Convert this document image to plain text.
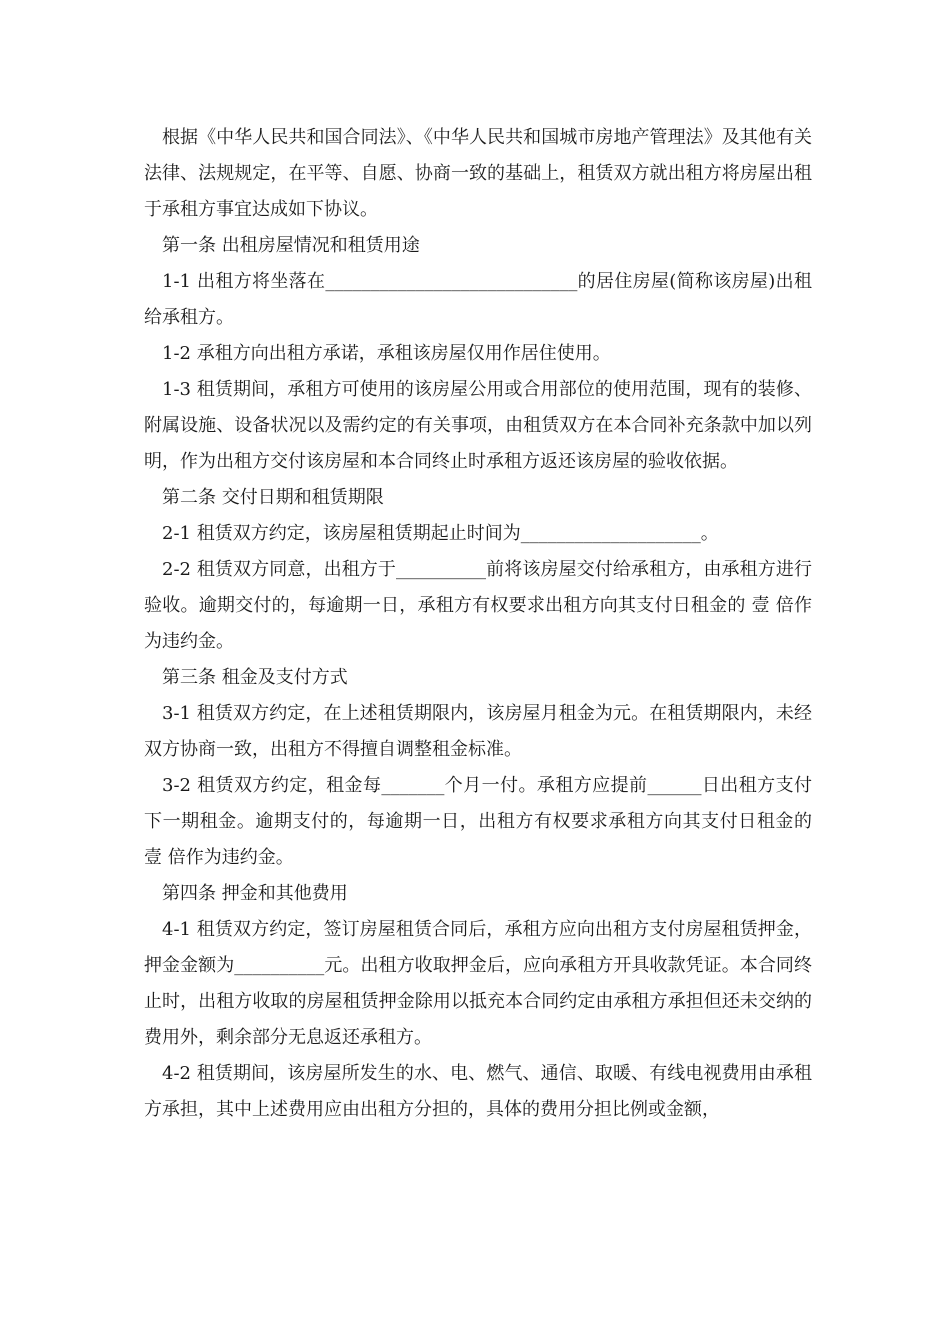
根据《中华人民共和国合同法》、《中华人民共和国城市房地产管理法》及其他有关法律、法规规定，在平等、自愿、协商一致的基础上，租赁双方就出租方将房屋出租于承租方事宜达成如下协议。

第一条 出租房屋情况和租赁用途

1-1 出租方将坐落在____________________________的居住房屋(简称该房屋)出租给承租方。

1-2 承租方向出租方承诺，承租该房屋仅用作居住使用。

1-3 租赁期间，承租方可使用的该房屋公用或合用部位的使用范围，现有的装修、附属设施、设备状况以及需约定的有关事项，由租赁双方在本合同补充条款中加以列明，作为出租方交付该房屋和本合同终止时承租方返还该房屋的验收依据。

第二条 交付日期和租赁期限

2-1 租赁双方约定，该房屋租赁期起止时间为____________________。

2-2 租赁双方同意，出租方于__________前将该房屋交付给承租方，由承租方进行验收。逾期交付的，每逾期一日，承租方有权要求出租方向其支付日租金的 壹 倍作为违约金。

第三条 租金及支付方式

3-1 租赁双方约定，在上述租赁期限内，该房屋月租金为元。在租赁期限内，未经双方协商一致，出租方不得擅自调整租金标准。

3-2 租赁双方约定，租金每_______个月一付。承租方应提前______日出租方支付下一期租金。逾期支付的，每逾期一日，出租方有权要求承租方向其支付日租金的 壹 倍作为违约金。

第四条 押金和其他费用

4-1 租赁双方约定，签订房屋租赁合同后，承租方应向出租方支付房屋租赁押金，押金金额为__________元。出租方收取押金后，应向承租方开具收款凭证。本合同终止时，出租方收取的房屋租赁押金除用以抵充本合同约定由承租方承担但还未交纳的费用外，剩余部分无息返还承租方。

4-2 租赁期间，该房屋所发生的水、电、燃气、通信、取暖、有线电视费用由承租方承担，其中上述费用应由出租方分担的，具体的费用分担比例或金额，
